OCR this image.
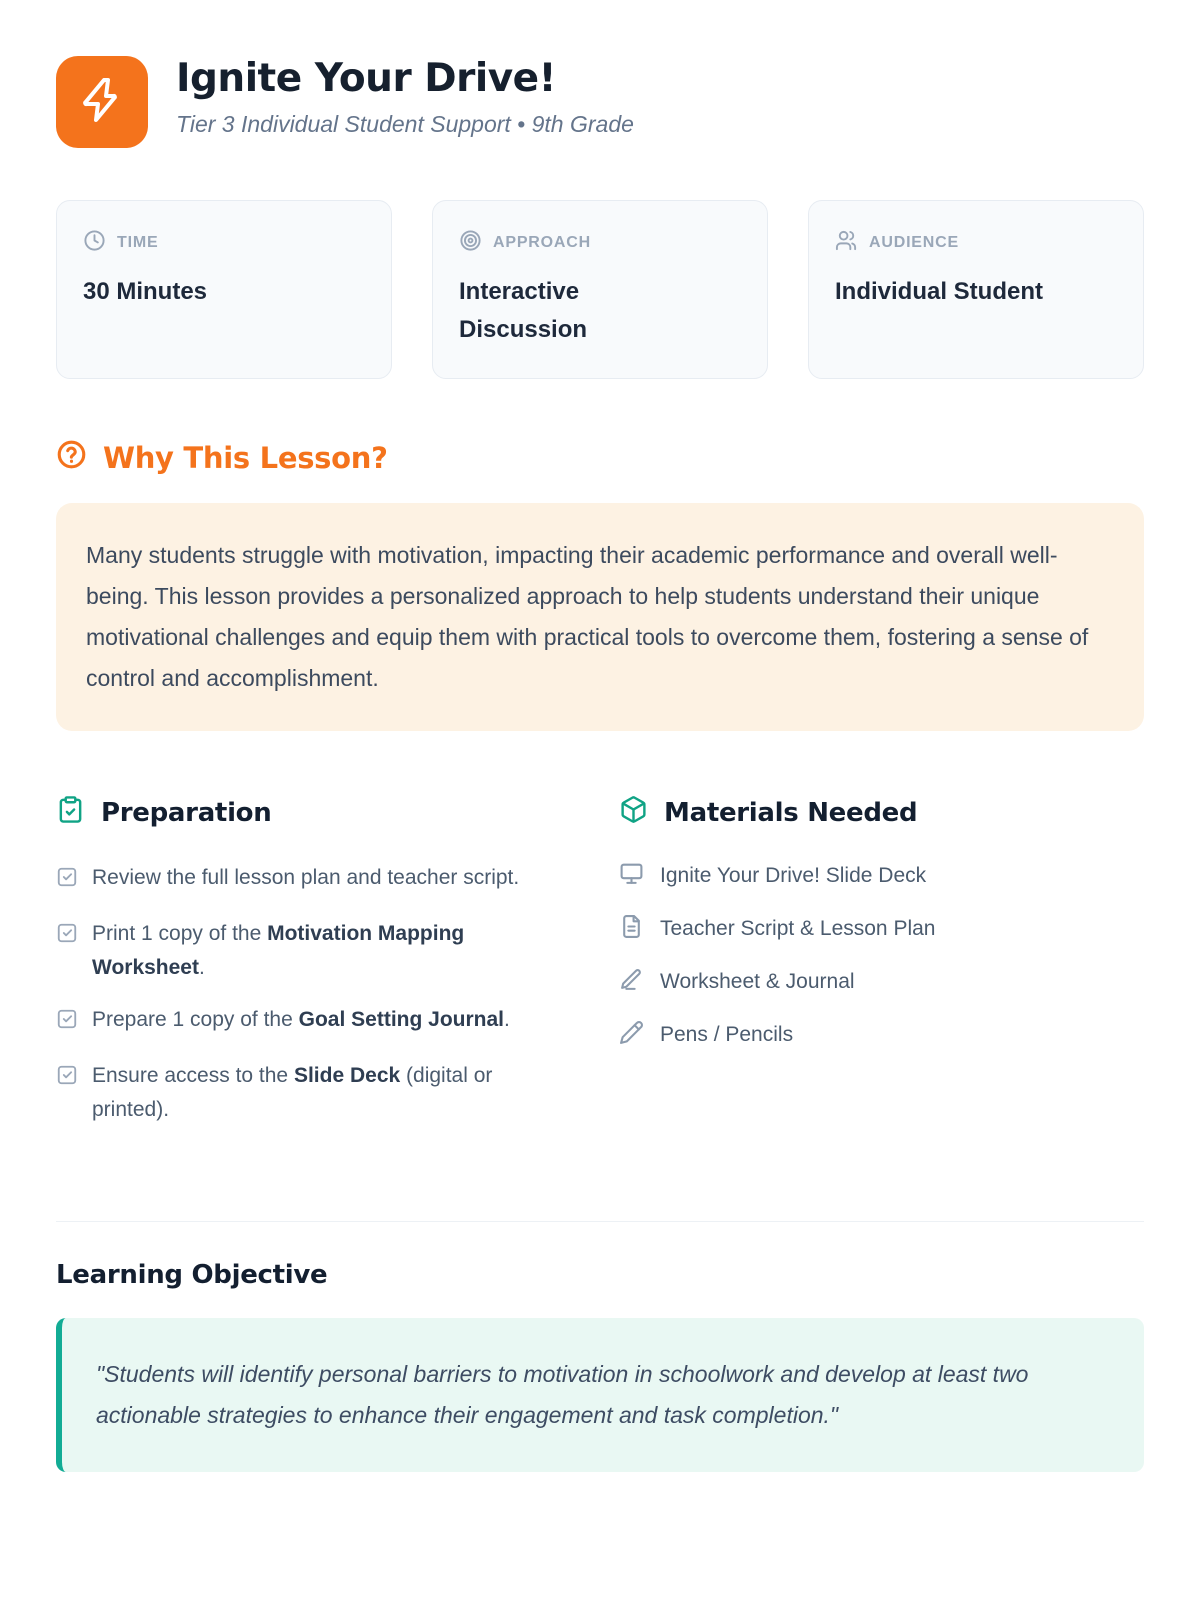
Ignite Your Drive!

Tier 3 Individual Student Support • 9th Grade

TIME
30 Minutes
APPROACH
Interactive Discussion
AUDIENCE
Individual Student
Why This Lesson?

Many students struggle with motivation, impacting their academic performance and overall well-being. This lesson provides a personalized approach to help students understand their unique motivational challenges and equip them with practical tools to overcome them, fostering a sense of control and accomplishment.

Preparation
Review the full lesson plan and teacher script.
Print 1 copy of the Motivation Mapping Worksheet.
Prepare 1 copy of the Goal Setting Journal.
Ensure access to the Slide Deck (digital or printed).
Materials Needed
Ignite Your Drive! Slide Deck
Teacher Script & Lesson Plan
Worksheet & Journal
Pens / Pencils
Learning Objective

"Students will identify personal barriers to motivation in schoolwork and develop at least two actionable strategies to enhance their engagement and task completion."
